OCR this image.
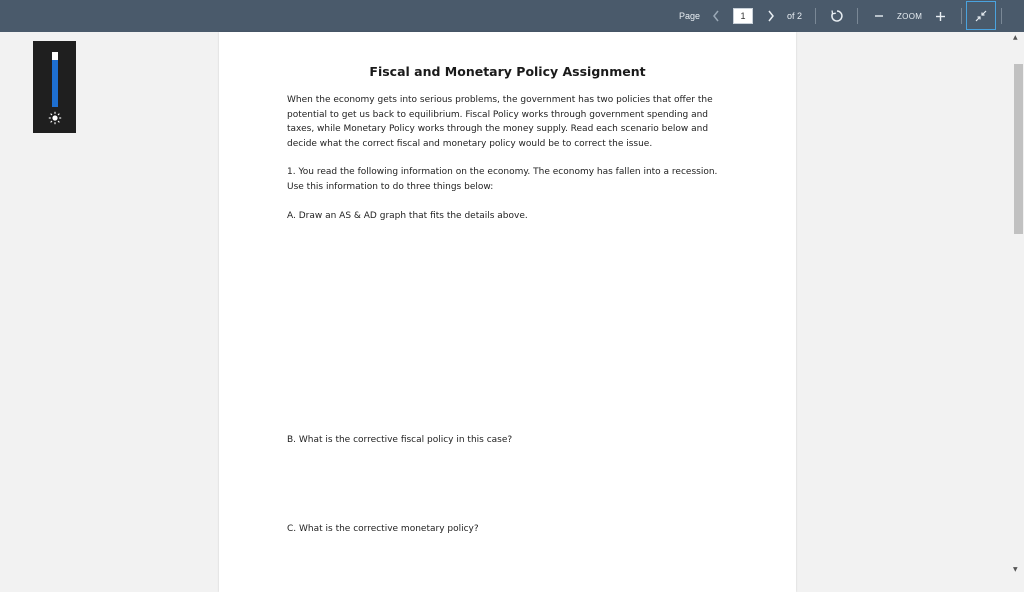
Page
1	of 2	ZOOM
Fiscal and Monetary Policy Assignment
When the economy gets into serious problems, the government has two policies that offer the potential to get us back to equilibrium. Fiscal Policy works through government spending and taxes, while Monetary Policy works through the money supply. Read each scenario below and decide what the correct fiscal and monetary policy would be to correct the issue.
1. You read the following information on the economy. The economy has fallen into a recession. Use this information to do three things below:
A. Draw an AS & AD graph that fits the details above.
B. What is the corrective fiscal policy in this case?
C. What is the corrective monetary policy?
▲
▼
